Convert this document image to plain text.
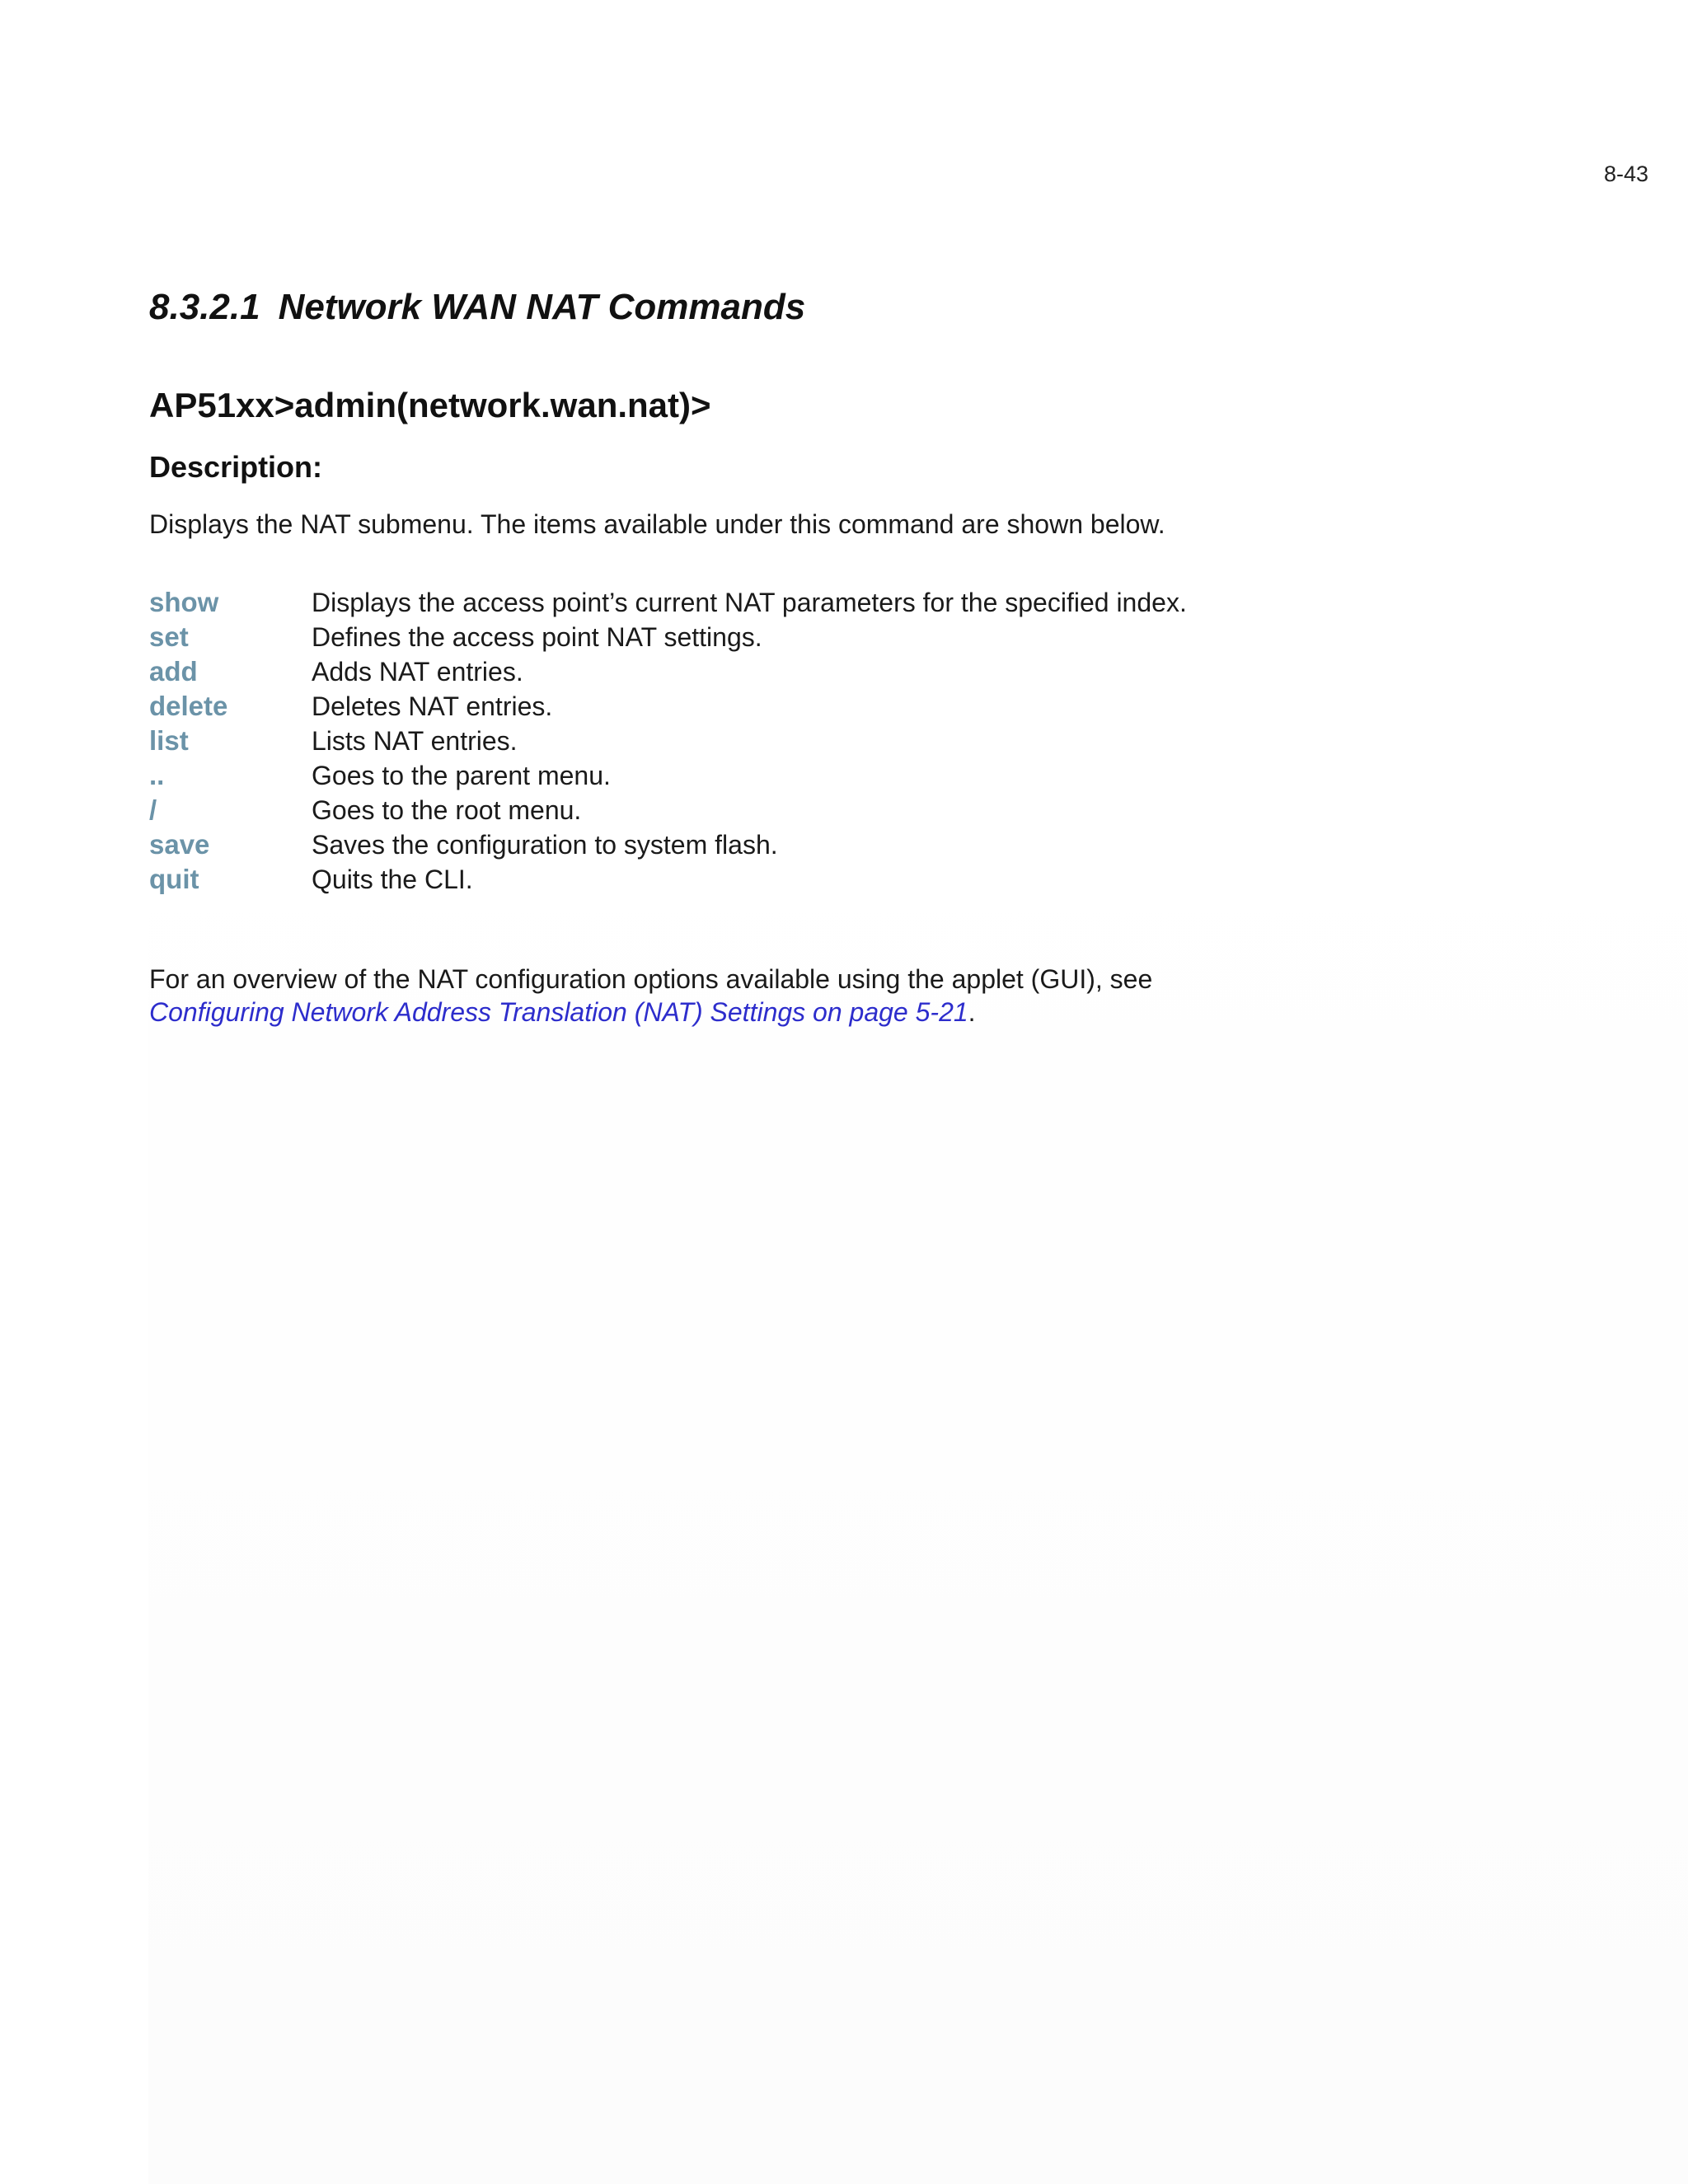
8-43
8.3.2.1 Network WAN NAT Commands
AP51xx>admin(network.wan.nat)>
Description:
Displays the NAT submenu. The items available under this command are shown below.
show	Displays the access point’s current NAT parameters for the specified index.
set	Defines the access point NAT settings.
add	Adds NAT entries.
delete	Deletes NAT entries.
list	Lists NAT entries.
..	Goes to the parent menu.
/	Goes to the root menu.
save	Saves the configuration to system flash.
quit	Quits the CLI.
For an overview of the NAT configuration options available using the applet (GUI), see
Configuring Network Address Translation (NAT) Settings on page 5-21.
